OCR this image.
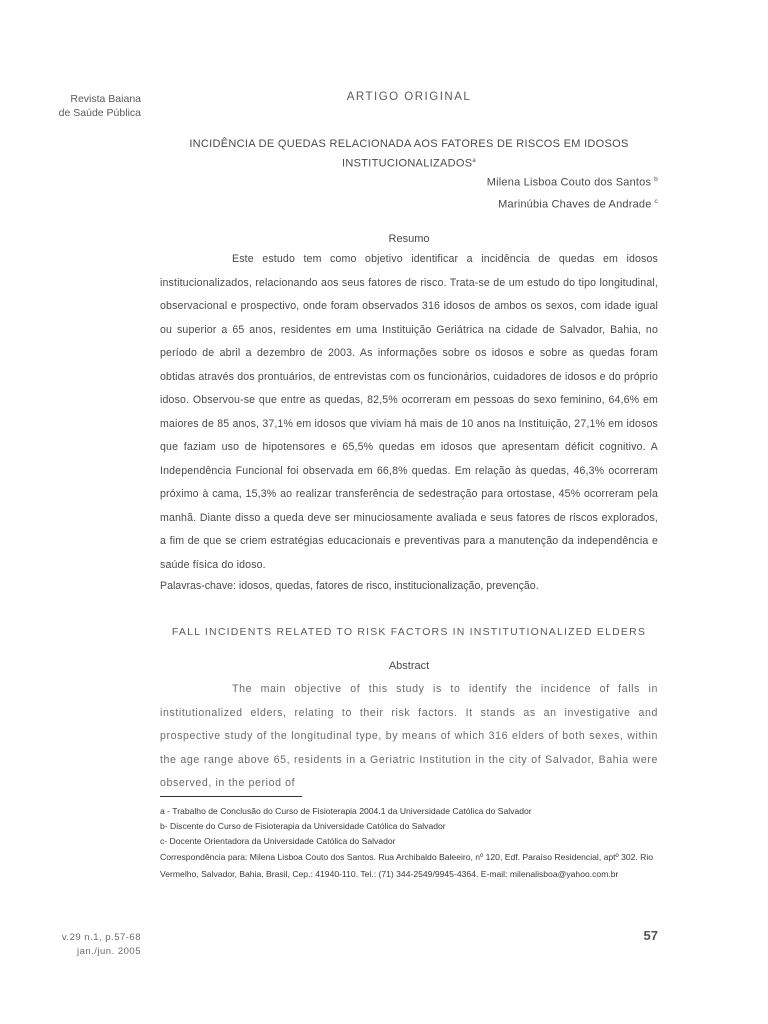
Revista Baiana
de Saúde Pública
ARTIGO ORIGINAL
INCIDÊNCIA DE QUEDAS RELACIONADA AOS FATORES DE RISCOS EM IDOSOS
INSTITUCIONALIZADOS$^a$
Milena Lisboa Couto dos Santos $^b$
Marinúbia Chaves de Andrade $^c$
Resumo

Este estudo tem como objetivo identificar a incidência de quedas em idosos institucionalizados, relacionando aos seus fatores de risco. Trata-se de um estudo do tipo longitudinal, observacional e prospectivo, onde foram observados 316 idosos de ambos os sexos, com idade igual ou superior a 65 anos, residentes em uma Instituição Geriátrica na cidade de Salvador, Bahia, no período de abril a dezembro de 2003. As informações sobre os idosos e sobre as quedas foram obtidas através dos prontuários, de entrevistas com os funcionários, cuidadores de idosos e do próprio idoso. Observou-se que entre as quedas, 82,5% ocorreram em pessoas do sexo feminino, 64,6% em maiores de 85 anos, 37,1% em idosos que viviam há mais de 10 anos na Instituição, 27,1% em idosos que faziam uso de hipotensores e 65,5% quedas em idosos que apresentam déficit cognitivo. A Independência Funcional foi observada em 66,8% quedas. Em relação às quedas, 46,3% ocorreram próximo à cama, 15,3% ao realizar transferência de sedestração para ortostase, 45% ocorreram pela manhã. Diante disso a queda deve ser minuciosamente avaliada e seus fatores de riscos explorados, a fim de que se criem estratégias educacionais e preventivas para a manutenção da independência e saúde física do idoso.

Palavras-chave: idosos, quedas, fatores de risco, institucionalização, prevenção.
FALL INCIDENTS RELATED TO RISK FACTORS IN INSTITUTIONALIZED ELDERS
Abstract

The main objective of this study is to identify the incidence of falls in institutionalized elders, relating to their risk factors. It stands as an investigative and prospective study of the longitudinal type, by means of which 316 elders of both sexes, within the age range above 65, residents in a Geriatric Institution in the city of Salvador, Bahia were observed, in the period of

a - Trabalho de Conclusão do Curso de Fisioterapia 2004.1 da Universidade Católica do Salvador
b- Discente do Curso de Fisioterapia da Universidade Católica do Salvador
c- Docente Orientadora da Universidade Católica do Salvador
Correspondência para: Milena Lisboa Couto dos Santos. Rua Archibaldo Baleeiro, nº 120, Edf. Paraíso Residencial, aptº 302. Rio Vermelho, Salvador, Bahia, Brasil, Cep.: 41940-110. Tel.: (71) 344-2549/9945-4364. E-mail: milenalisboa@yahoo.com.br
v.29 n.1, p.57-68
jan./jun. 2005
57
